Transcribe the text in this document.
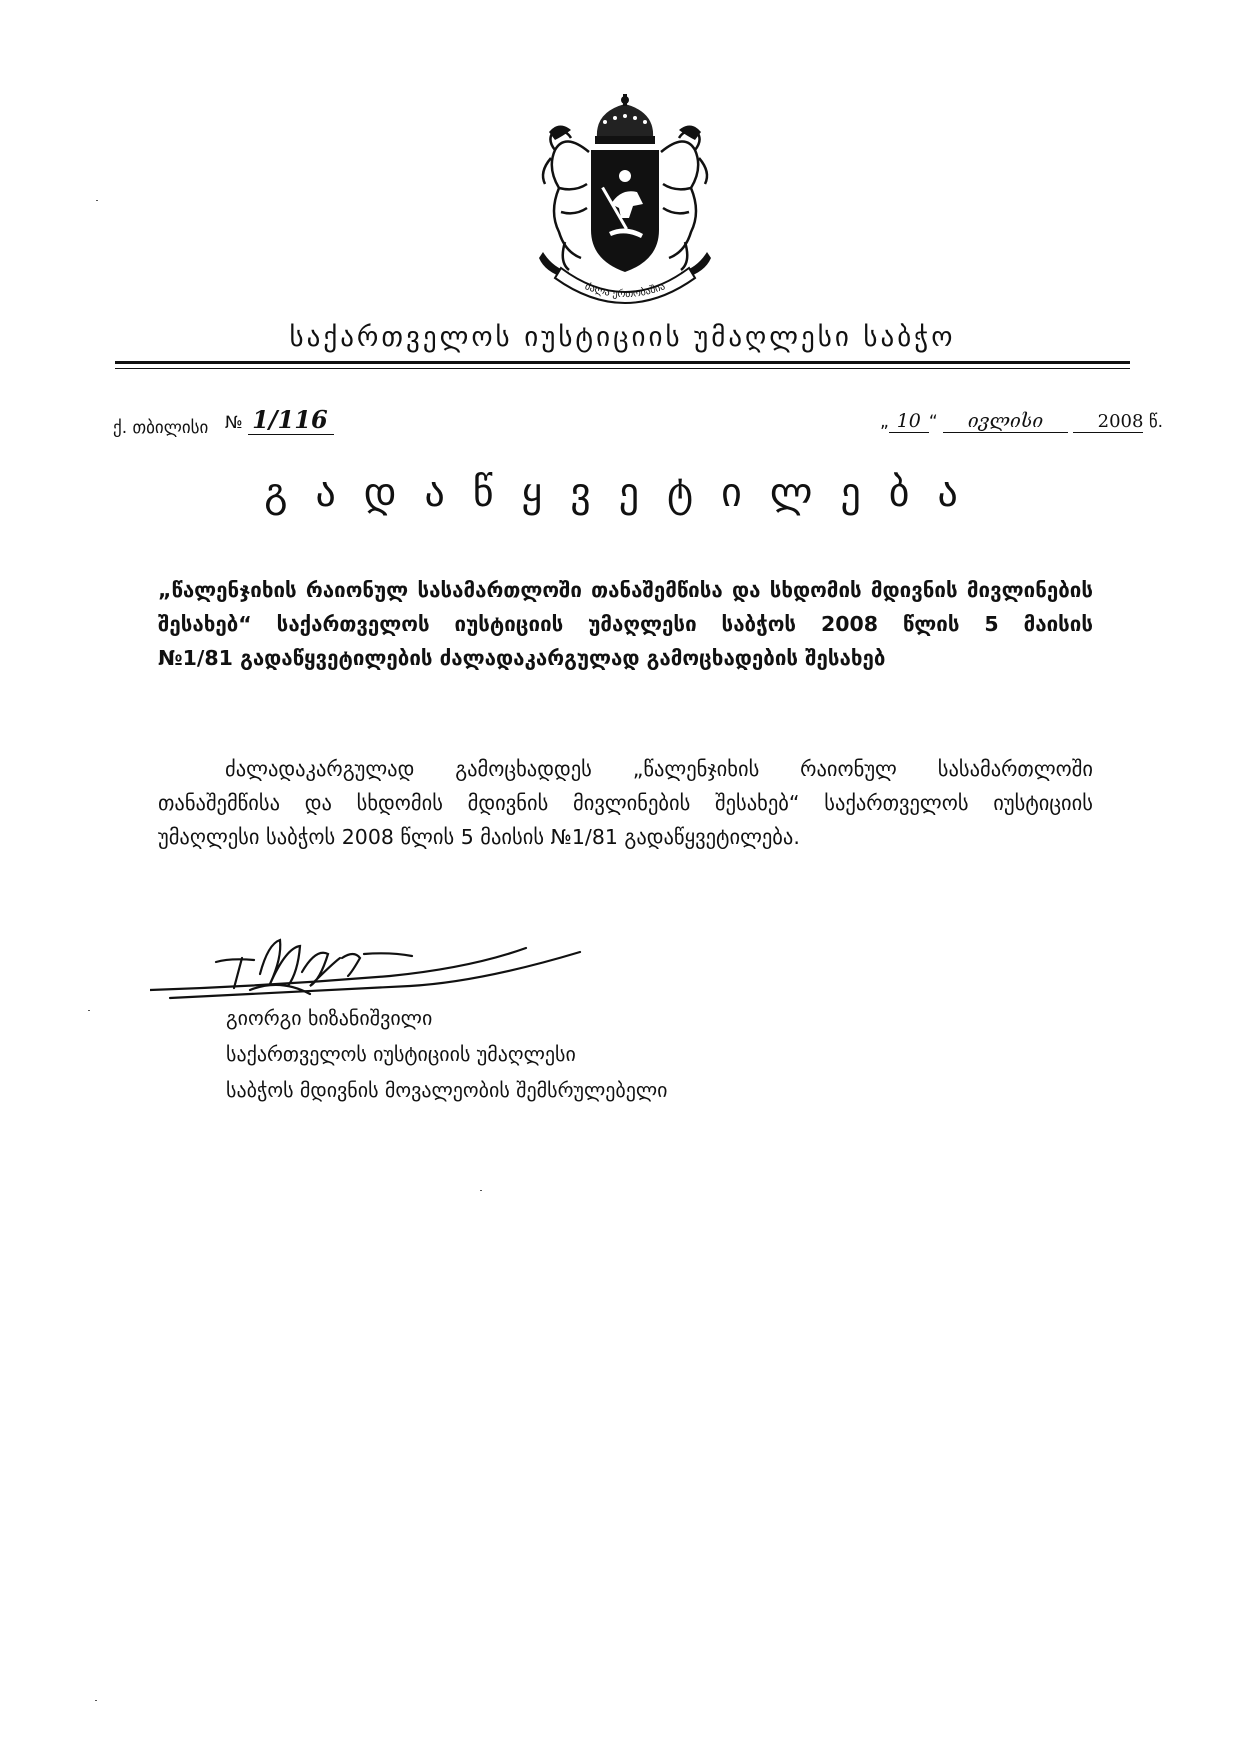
ძალა ერთობაშია
საქართველოს იუსტიციის უმაღლესი საბჭო
ქ. თბილისი № 1/116	„ 10 “ ივლისი	2008 წ.
გადაწყვეტილება
„წალენჯიხის რაიონულ სასამართლოში თანაშემწისა და სხდომის მდივნის მივლინების
შესახებ“ საქართველოს იუსტიციის უმაღლესი საბჭოს 2008 წლის 5 მაისის
№1/81 გადაწყვეტილების ძალადაკარგულად გამოცხადების შესახებ
ძალადაკარგულად გამოცხადდეს „წალენჯიხის რაიონულ სასამართლოში
თანაშემწისა და სხდომის მდივნის მივლინების შესახებ“ საქართველოს იუსტიციის
უმაღლესი საბჭოს 2008 წლის 5 მაისის №1/81 გადაწყვეტილება.
გიორგი ხიზანიშვილი
საქართველოს იუსტიციის უმაღლესი
საბჭოს მდივნის მოვალეობის შემსრულებელი
